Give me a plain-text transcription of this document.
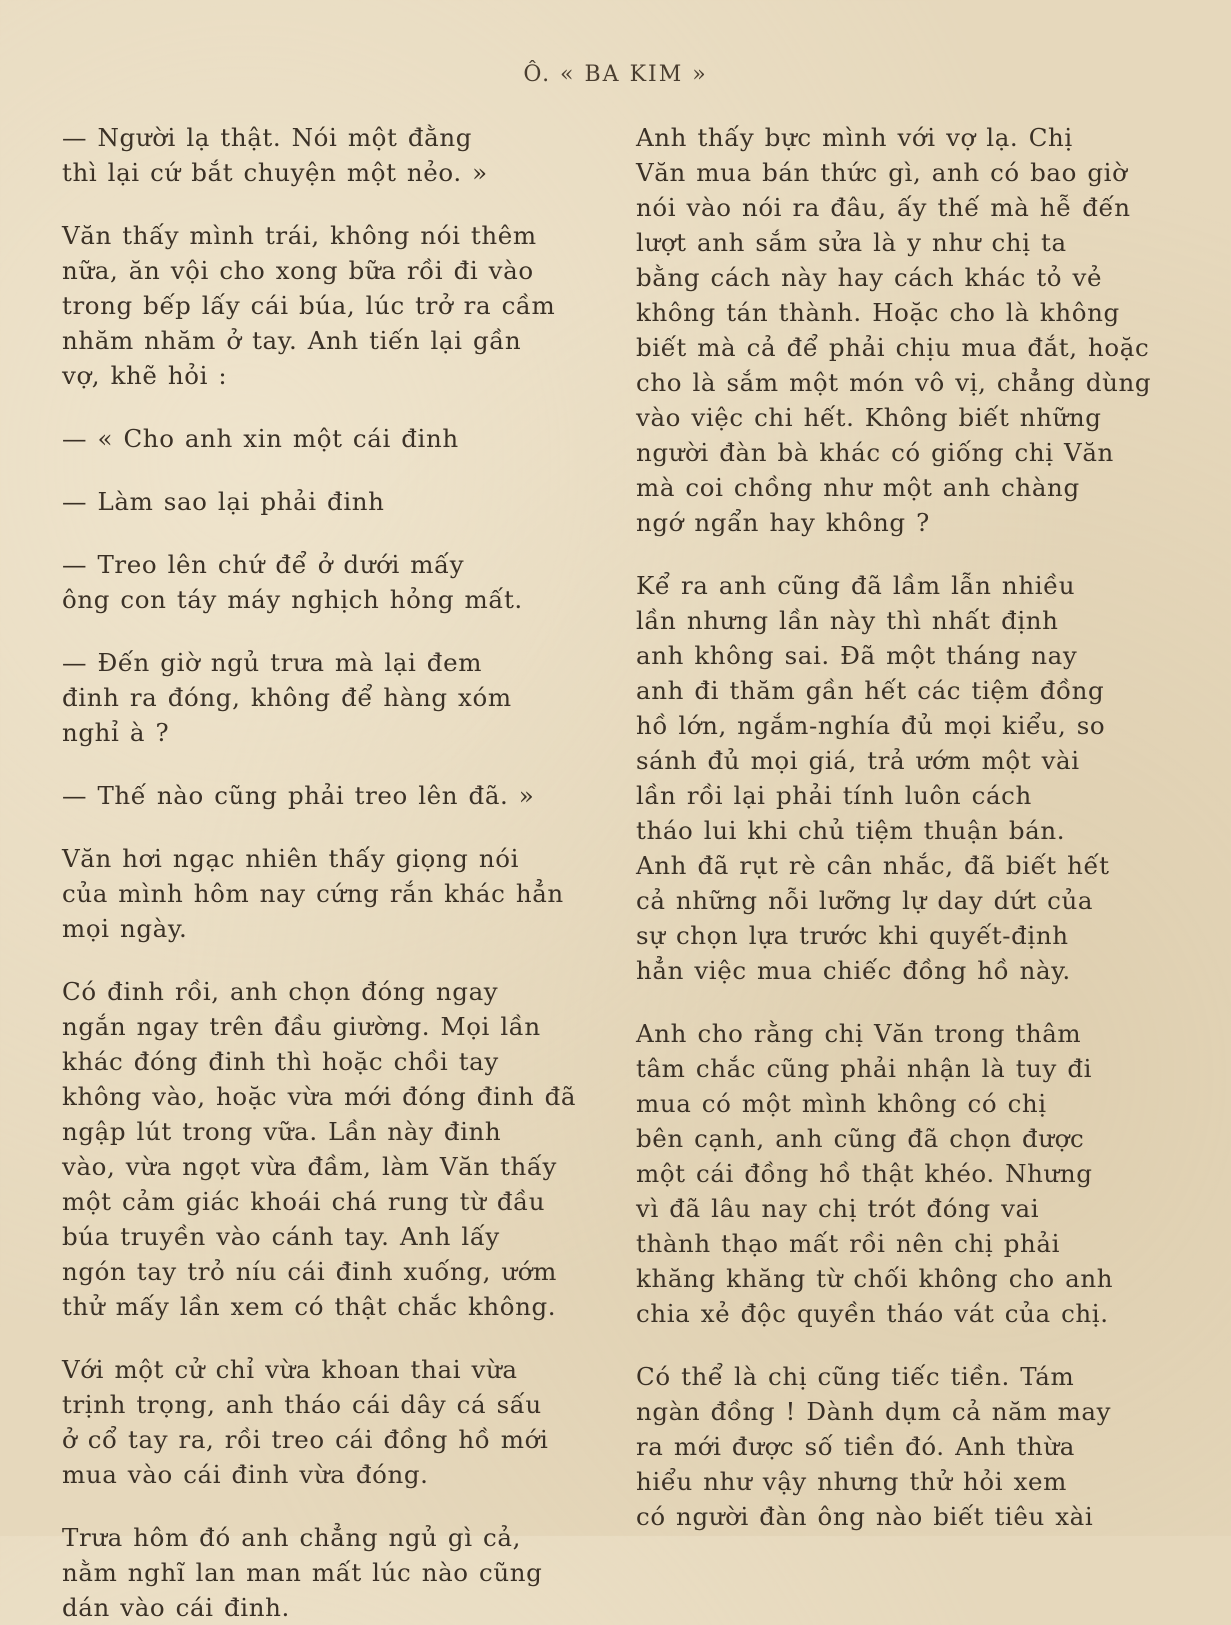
Ô. « BA KIM »
— Người lạ thật. Nói một đằng
thì lại cứ bắt chuyện một nẻo. »
Văn thấy mình trái, không nói thêm
nữa, ăn vội cho xong bữa rồi đi vào
trong bếp lấy cái búa, lúc trở ra cầm
nhăm nhăm ở tay. Anh tiến lại gần
vợ, khẽ hỏi :
— « Cho anh xin một cái đinh
— Làm sao lại phải đinh
— Treo lên chứ để ở dưới mấy
ông con táy máy nghịch hỏng mất.
— Đến giờ ngủ trưa mà lại đem
đinh ra đóng, không để hàng xóm
nghỉ à ?
— Thế nào cũng phải treo lên đã. »
Văn hơi ngạc nhiên thấy giọng nói
của mình hôm nay cứng rắn khác hẳn
mọi ngày.
Có đinh rồi, anh chọn đóng ngay
ngắn ngay trên đầu giường. Mọi lần
khác đóng đinh thì hoặc chồi tay
không vào, hoặc vừa mới đóng đinh đã
ngập lút trong vữa. Lần này đinh
vào, vừa ngọt vừa đầm, làm Văn thấy
một cảm giác khoái chá rung từ đầu
búa truyền vào cánh tay. Anh lấy
ngón tay trỏ níu cái đinh xuống, ướm
thử mấy lần xem có thật chắc không.
Với một cử chỉ vừa khoan thai vừa
trịnh trọng, anh tháo cái dây cá sấu
ở cổ tay ra, rồi treo cái đồng hồ mới
mua vào cái đinh vừa đóng.
Trưa hôm đó anh chẳng ngủ gì cả,
nằm nghĩ lan man mất lúc nào cũng
dán vào cái đinh.
Anh thấy bực mình với vợ lạ. Chị
Văn mua bán thức gì, anh có bao giờ
nói vào nói ra đâu, ấy thế mà hễ đến
lượt anh sắm sửa là y như chị ta
bằng cách này hay cách khác tỏ vẻ
không tán thành. Hoặc cho là không
biết mà cả để phải chịu mua đắt, hoặc
cho là sắm một món vô vị, chẳng dùng
vào việc chi hết. Không biết những
người đàn bà khác có giống chị Văn
mà coi chồng như một anh chàng
ngớ ngẩn hay không ?
Kể ra anh cũng đã lầm lẫn nhiều
lần nhưng lần này thì nhất định
anh không sai. Đã một tháng nay
anh đi thăm gần hết các tiệm đồng
hồ lớn, ngắm-nghía đủ mọi kiểu, so
sánh đủ mọi giá, trả ướm một vài
lần rồi lại phải tính luôn cách
tháo lui khi chủ tiệm thuận bán.
Anh đã rụt rè cân nhắc, đã biết hết
cả những nỗi lưỡng lự day dứt của
sự chọn lựa trước khi quyết-định
hẳn việc mua chiếc đồng hồ này.
Anh cho rằng chị Văn trong thâm
tâm chắc cũng phải nhận là tuy đi
mua có một mình không có chị
bên cạnh, anh cũng đã chọn được
một cái đồng hồ thật khéo. Nhưng
vì đã lâu nay chị trót đóng vai
thành thạo mất rồi nên chị phải
khăng khăng từ chối không cho anh
chia xẻ độc quyền tháo vát của chị.
Có thể là chị cũng tiếc tiền. Tám
ngàn đồng ! Dành dụm cả năm may
ra mới được số tiền đó. Anh thừa
hiểu như vậy nhưng thử hỏi xem
có người đàn ông nào biết tiêu xài
